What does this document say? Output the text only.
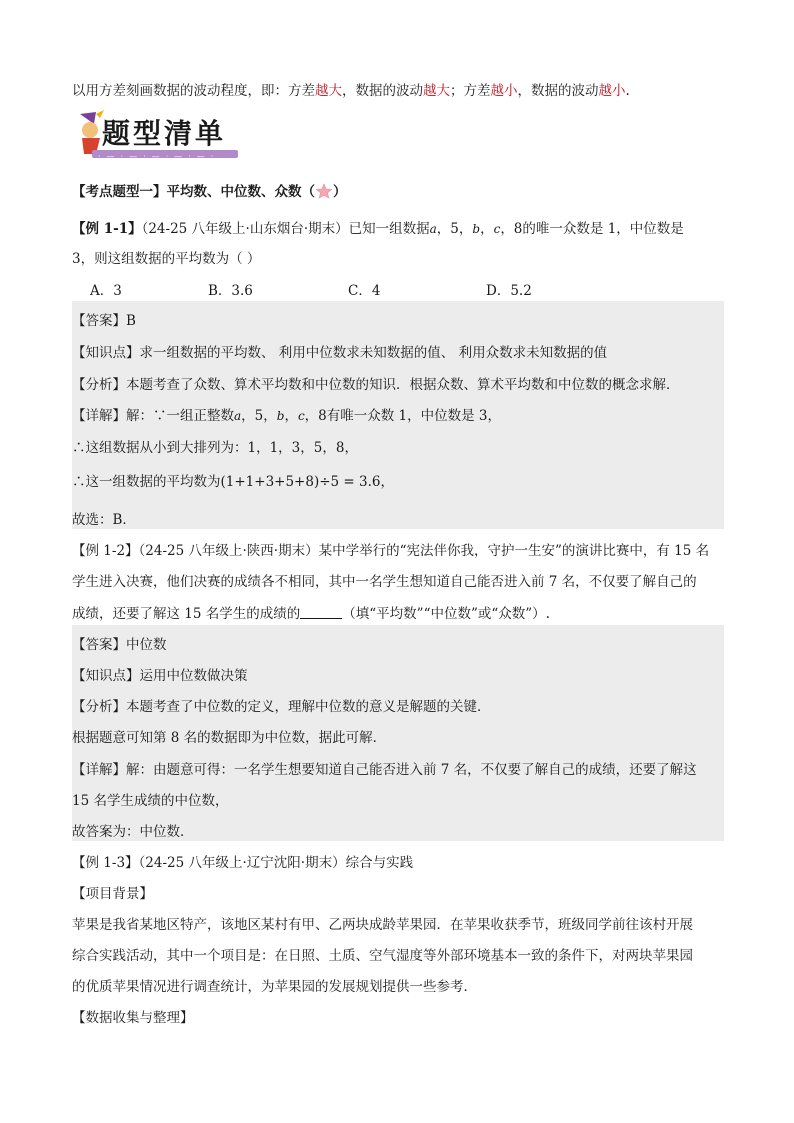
以用方差刻画数据的波动程度，即：方差越大，数据的波动越大；方差越小，数据的波动越小.
题型清单
·—·—·—·—·—·
【考点题型一】平均数、中位数、众数（ ）
【例 1-1】（24-25 八年级上·山东烟台·期末）已知一组数据a，5，b，c，8的唯一众数是 1，中位数是
3，则这组数据的平均数为（ ）
A．3	B．3.6	C．4	D．5.2
【答案】B
【知识点】求一组数据的平均数、 利用中位数求未知数据的值、 利用众数求未知数据的值
【分析】本题考查了众数、算术平均数和中位数的知识．根据众数、算术平均数和中位数的概念求解．
【详解】解：∵一组正整数a，5，b，c，8有唯一众数 1，中位数是 3，
∴这组数据从小到大排列为：1，1，3，5，8，
∴这一组数据的平均数为(1+1+3+5+8)÷5 = 3.6，
故选：B．
【例 1-2】（24-25 八年级上·陕西·期末）某中学举行的“宪法伴你我，守护一生安”的演讲比赛中，有 15 名
学生进入决赛，他们决赛的成绩各不相同，其中一名学生想知道自己能否进入前 7 名，不仅要了解自己的
成绩，还要了解这 15 名学生的成绩的	（填“平均数”“中位数”或“众数”）.
【答案】中位数
【知识点】运用中位数做决策
【分析】本题考查了中位数的定义，理解中位数的意义是解题的关键．
根据题意可知第 8 名的数据即为中位数，据此可解．
【详解】解：由题意可得：一名学生想要知道自己能否进入前 7 名，不仅要了解自己的成绩，还要了解这
15 名学生成绩的中位数，
故答案为：中位数．
【例 1-3】（24-25 八年级上·辽宁沈阳·期末）综合与实践
【项目背景】
苹果是我省某地区特产，该地区某村有甲、乙两块成龄苹果园．在苹果收获季节，班级同学前往该村开展
综合实践活动，其中一个项目是：在日照、土质、空气湿度等外部环境基本一致的条件下，对两块苹果园
的优质苹果情况进行调查统计，为苹果园的发展规划提供一些参考．
【数据收集与整理】
